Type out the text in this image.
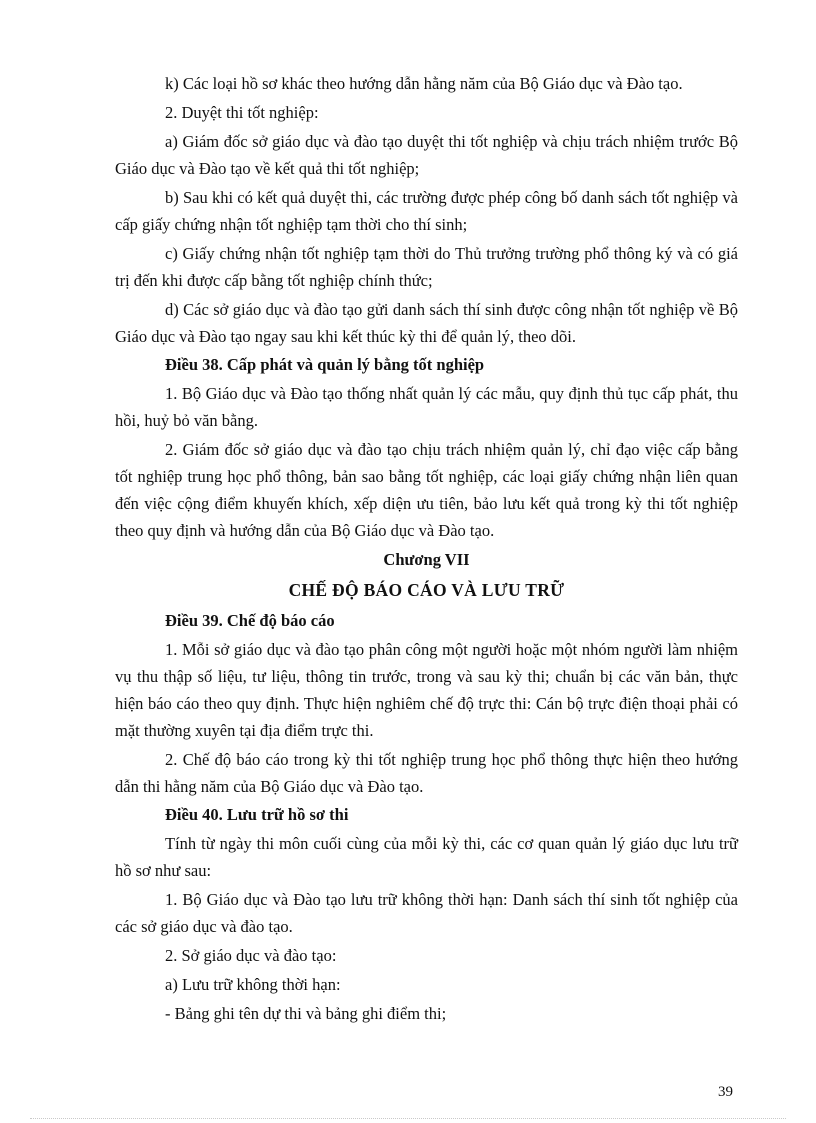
k) Các loại hồ sơ khác theo hướng dẫn hằng năm của Bộ Giáo dục và Đào tạo.

2. Duyệt thi tốt nghiệp:

a) Giám đốc sở giáo dục và đào tạo duyệt thi tốt nghiệp và chịu trách nhiệm trước Bộ Giáo dục và Đào tạo về kết quả thi tốt nghiệp;

b) Sau khi có kết quả duyệt thi, các trường được phép công bố danh sách tốt nghiệp và cấp giấy chứng nhận tốt nghiệp tạm thời cho thí sinh;

c) Giấy chứng nhận tốt nghiệp tạm thời do Thủ trưởng trường phổ thông ký và có giá trị đến khi được cấp bằng tốt nghiệp chính thức;

d) Các sở giáo dục và đào tạo gửi danh sách thí sinh được công nhận tốt nghiệp về Bộ Giáo dục và Đào tạo ngay sau khi kết thúc kỳ thi để quản lý, theo dõi.

Điều 38. Cấp phát và quản lý bằng tốt nghiệp

1. Bộ Giáo dục và Đào tạo thống nhất quản lý các mẫu, quy định thủ tục cấp phát, thu hồi, huỷ bỏ văn bằng.

2. Giám đốc sở giáo dục và đào tạo chịu trách nhiệm quản lý, chỉ đạo việc cấp bằng tốt nghiệp trung học phổ thông, bản sao bằng tốt nghiệp, các loại giấy chứng nhận liên quan đến việc cộng điểm khuyến khích, xếp diện ưu tiên, bảo lưu kết quả trong kỳ thi tốt nghiệp theo quy định và hướng dẫn của Bộ Giáo dục và Đào tạo.

Chương VII

CHẾ ĐỘ BÁO CÁO VÀ LƯU TRỮ

Điều 39. Chế độ báo cáo

1. Mỗi sở giáo dục và đào tạo phân công một người hoặc một nhóm người làm nhiệm vụ thu thập số liệu, tư liệu, thông tin trước, trong và sau kỳ thi; chuẩn bị các văn bản, thực hiện báo cáo theo quy định. Thực hiện nghiêm chế độ trực thi: Cán bộ trực điện thoại phải có mặt thường xuyên tại địa điểm trực thi.

2. Chế độ báo cáo trong kỳ thi tốt nghiệp trung học phổ thông thực hiện theo hướng dẫn thi hằng năm của Bộ Giáo dục và Đào tạo.

Điều 40. Lưu trữ hồ sơ thi

Tính từ ngày thi môn cuối cùng của mỗi kỳ thi, các cơ quan quản lý giáo dục lưu trữ hồ sơ như sau:

1. Bộ Giáo dục và Đào tạo lưu trữ không thời hạn: Danh sách thí sinh tốt nghiệp của các sở giáo dục và đào tạo.

2. Sở giáo dục và đào tạo:

a) Lưu trữ không thời hạn:

- Bảng ghi tên dự thi và bảng ghi điểm thi;

39
